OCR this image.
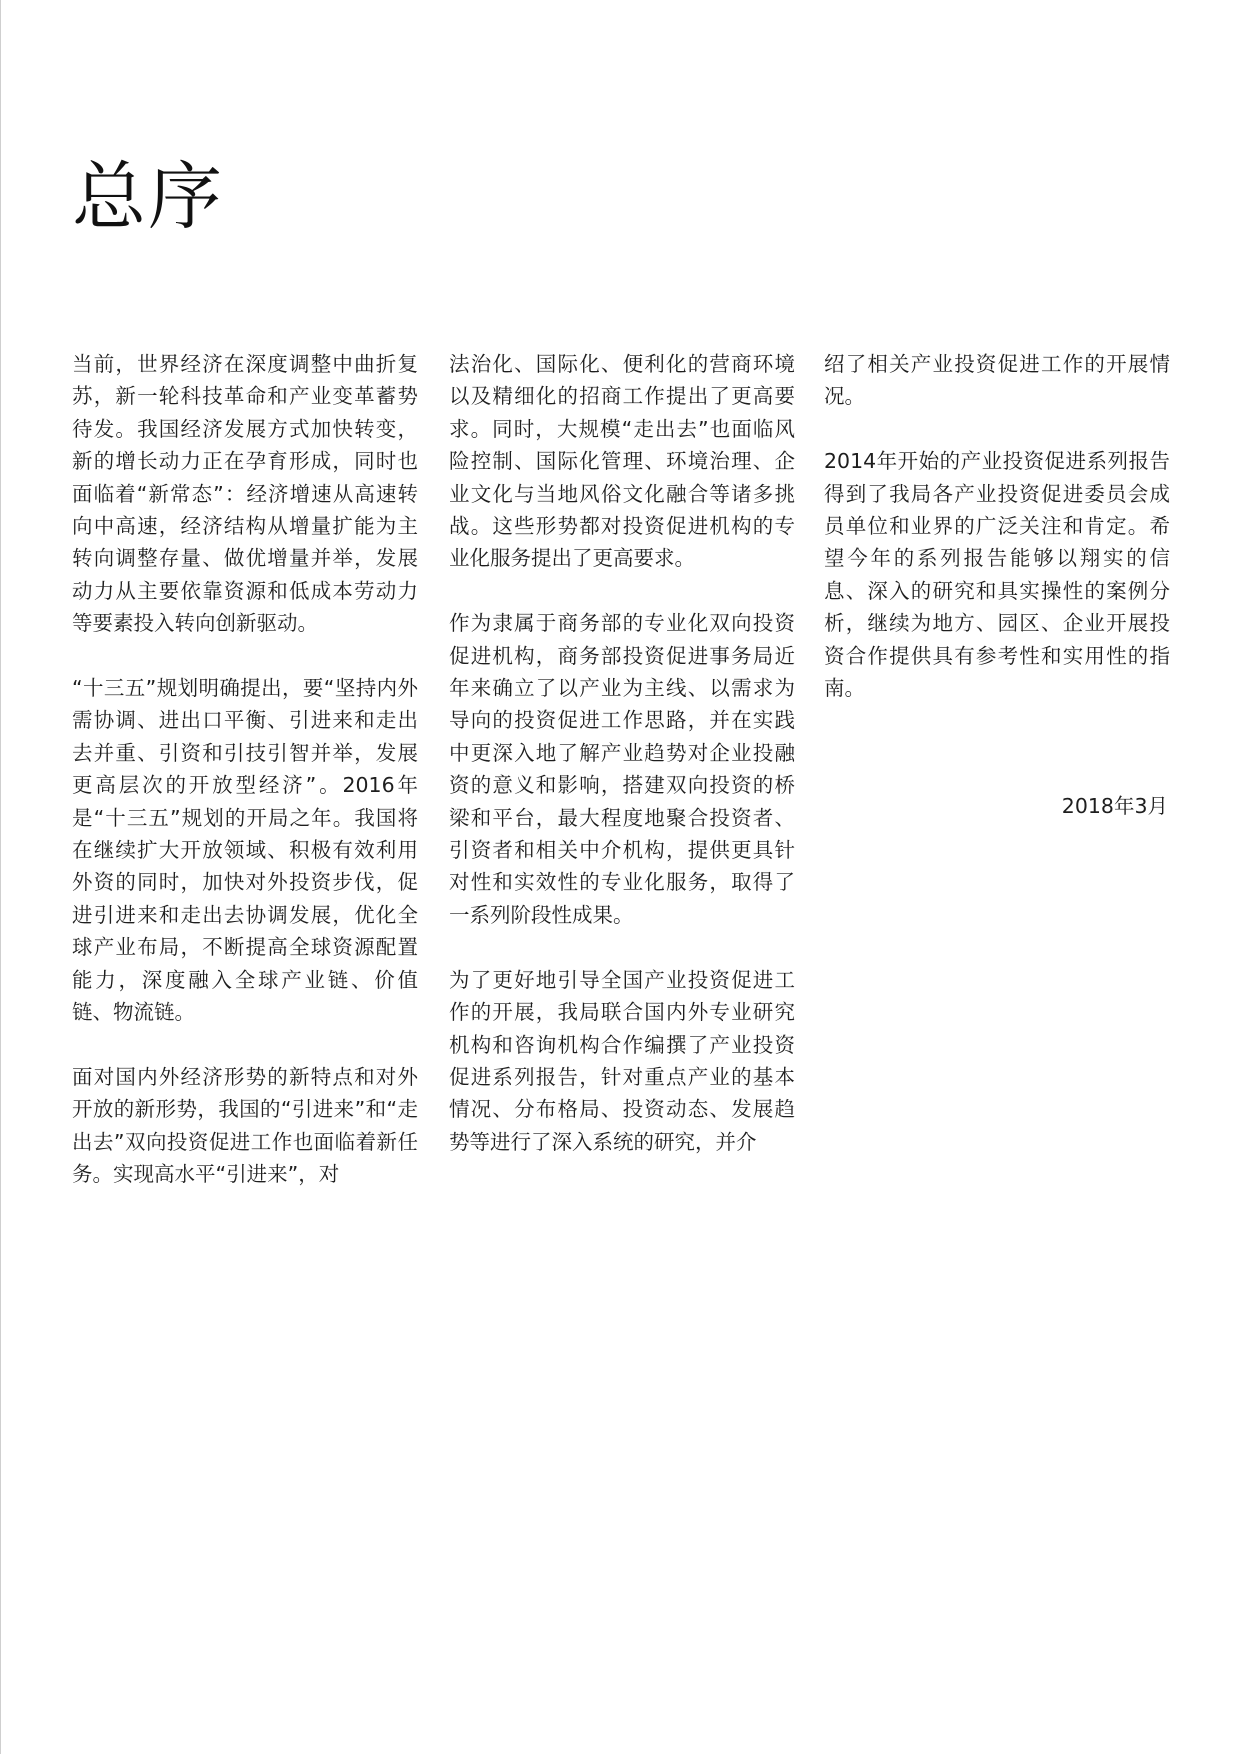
总序

当前，世界经济在深度调整中曲折复苏，新一轮科技革命和产业变革蓄势待发。我国经济发展方式加快转变，新的增长动力正在孕育形成，同时也面临着“新常态”：经济增速从高速转向中高速，经济结构从增量扩能为主转向调整存量、做优增量并举，发展动力从主要依靠资源和低成本劳动力等要素投入转向创新驱动。

“十三五”规划明确提出，要“坚持内外需协调、进出口平衡、引进来和走出去并重、引资和引技引智并举，发展更高层次的开放型经济”。2016年是“十三五”规划的开局之年。我国将在继续扩大开放领域、积极有效利用外资的同时，加快对外投资步伐，促进引进来和走出去协调发展，优化全球产业布局，不断提高全球资源配置能力，深度融入全球产业链、价值链、物流链。

面对国内外经济形势的新特点和对外开放的新形势，我国的“引进来”和“走出去”双向投资促进工作也面临着新任务。实现高水平“引进来”，对

法治化、国际化、便利化的营商环境以及精细化的招商工作提出了更高要求。同时，大规模“走出去”也面临风险控制、国际化管理、环境治理、企业文化与当地风俗文化融合等诸多挑战。这些形势都对投资促进机构的专业化服务提出了更高要求。

作为隶属于商务部的专业化双向投资促进机构，商务部投资促进事务局近年来确立了以产业为主线、以需求为导向的投资促进工作思路，并在实践中更深入地了解产业趋势对企业投融资的意义和影响，搭建双向投资的桥梁和平台，最大程度地聚合投资者、引资者和相关中介机构，提供更具针对性和实效性的专业化服务，取得了一系列阶段性成果。

为了更好地引导全国产业投资促进工作的开展，我局联合国内外专业研究机构和咨询机构合作编撰了产业投资促进系列报告，针对重点产业的基本情况、分布格局、投资动态、发展趋势等进行了深入系统的研究，并介

绍了相关产业投资促进工作的开展情况。

2014年开始的产业投资促进系列报告得到了我局各产业投资促进委员会成员单位和业界的广泛关注和肯定。希望今年的系列报告能够以翔实的信息、深入的研究和具实操性的案例分析，继续为地方、园区、企业开展投资合作提供具有参考性和实用性的指南。

2018年3月
